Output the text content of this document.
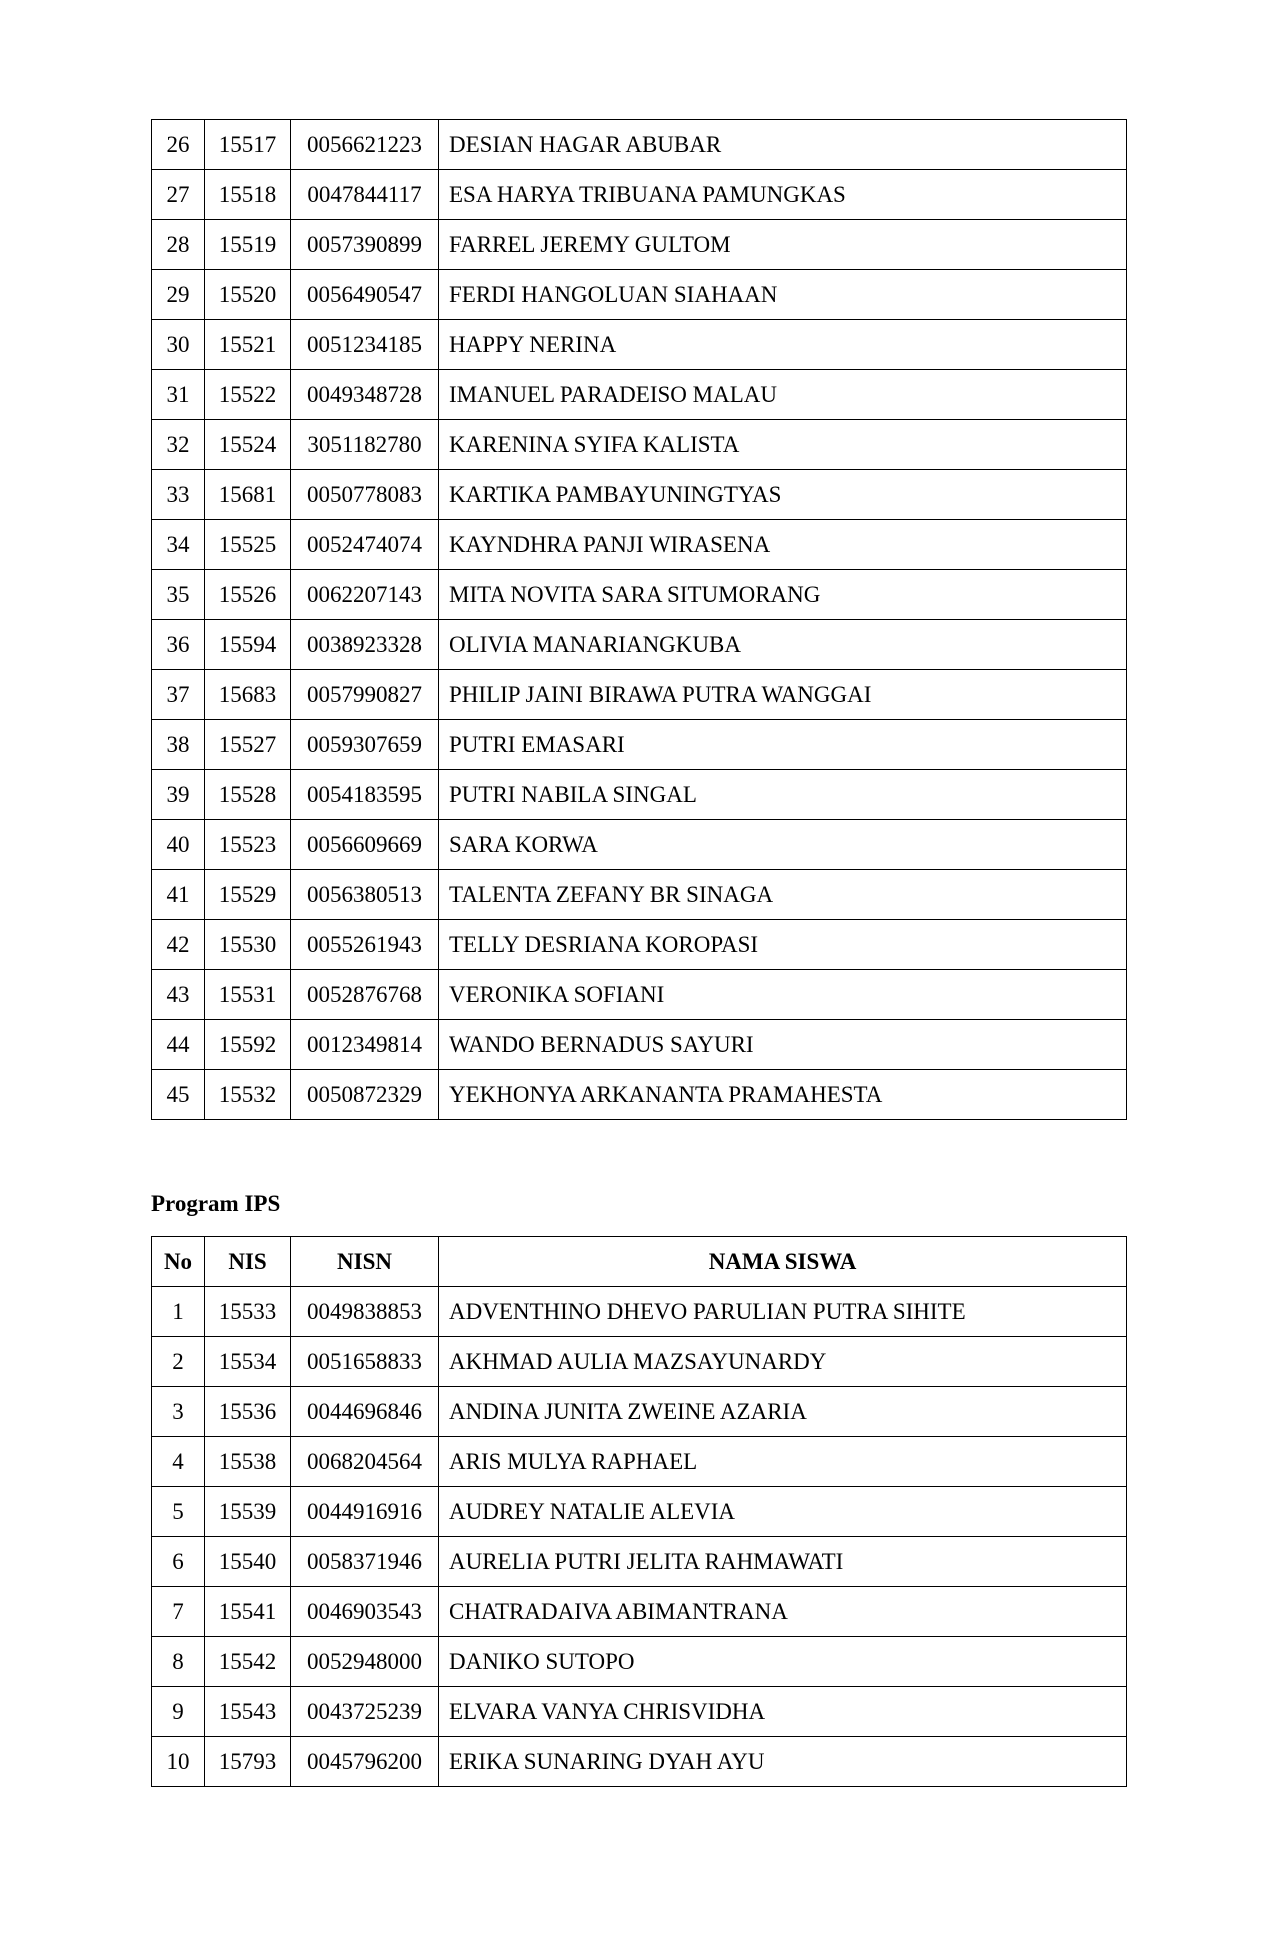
26	15517	0056621223	DESIAN HAGAR ABUBAR
27	15518	0047844117	ESA HARYA TRIBUANA PAMUNGKAS
28	15519	0057390899	FARREL JEREMY GULTOM
29	15520	0056490547	FERDI HANGOLUAN SIAHAAN
30	15521	0051234185	HAPPY NERINA
31	15522	0049348728	IMANUEL PARADEISO MALAU
32	15524	3051182780	KARENINA SYIFA KALISTA
33	15681	0050778083	KARTIKA PAMBAYUNINGTYAS
34	15525	0052474074	KAYNDHRA PANJI WIRASENA
35	15526	0062207143	MITA NOVITA SARA SITUMORANG
36	15594	0038923328	OLIVIA MANARIANGKUBA
37	15683	0057990827	PHILIP JAINI BIRAWA PUTRA WANGGAI
38	15527	0059307659	PUTRI EMASARI
39	15528	0054183595	PUTRI NABILA SINGAL
40	15523	0056609669	SARA KORWA
41	15529	0056380513	TALENTA ZEFANY BR SINAGA
42	15530	0055261943	TELLY DESRIANA KOROPASI
43	15531	0052876768	VERONIKA SOFIANI
44	15592	0012349814	WANDO BERNADUS SAYURI
45	15532	0050872329	YEKHONYA ARKANANTA PRAMAHESTA
Program IPS
No	NIS	NISN	NAMA SISWA
1	15533	0049838853	ADVENTHINO DHEVO PARULIAN PUTRA SIHITE
2	15534	0051658833	AKHMAD AULIA MAZSAYUNARDY
3	15536	0044696846	ANDINA JUNITA ZWEINE AZARIA
4	15538	0068204564	ARIS MULYA RAPHAEL
5	15539	0044916916	AUDREY NATALIE ALEVIA
6	15540	0058371946	AURELIA PUTRI JELITA RAHMAWATI
7	15541	0046903543	CHATRADAIVA ABIMANTRANA
8	15542	0052948000	DANIKO SUTOPO
9	15543	0043725239	ELVARA VANYA CHRISVIDHA
10	15793	0045796200	ERIKA SUNARING DYAH AYU
